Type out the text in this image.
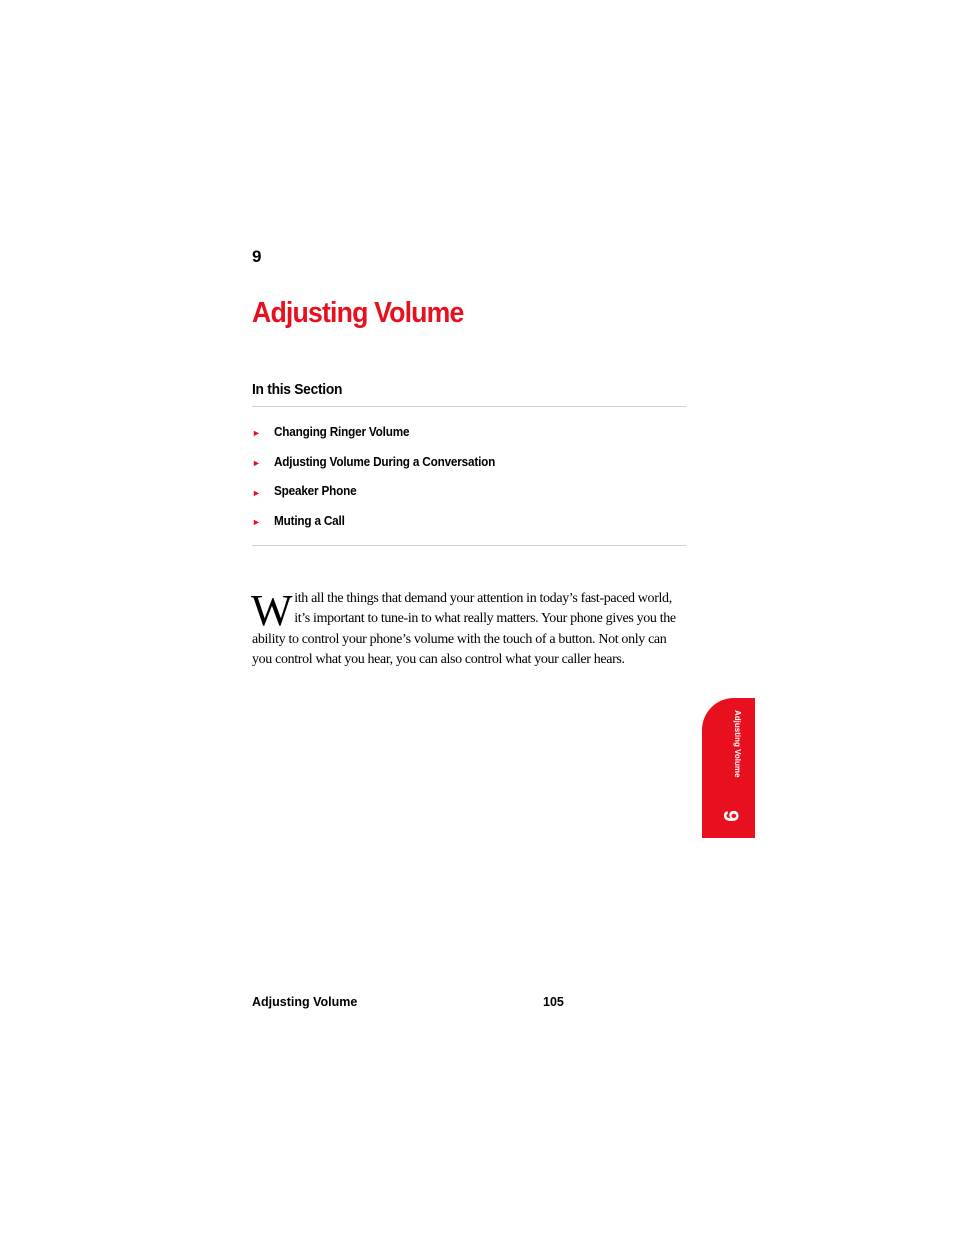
9
Adjusting Volume
In this Section
►	Changing Ringer Volume
►	Adjusting Volume During a Conversation
►	Speaker Phone
►	Muting a Call

With all the things that demand your attention in today’s fast-paced world, it’s important to tune-in to what really matters. Your phone gives you the ability to control your phone’s volume with the touch of a button. Not only can you control what you hear, you can also control what your caller hears.

Adjusting Volume
9
Adjusting Volume	105
